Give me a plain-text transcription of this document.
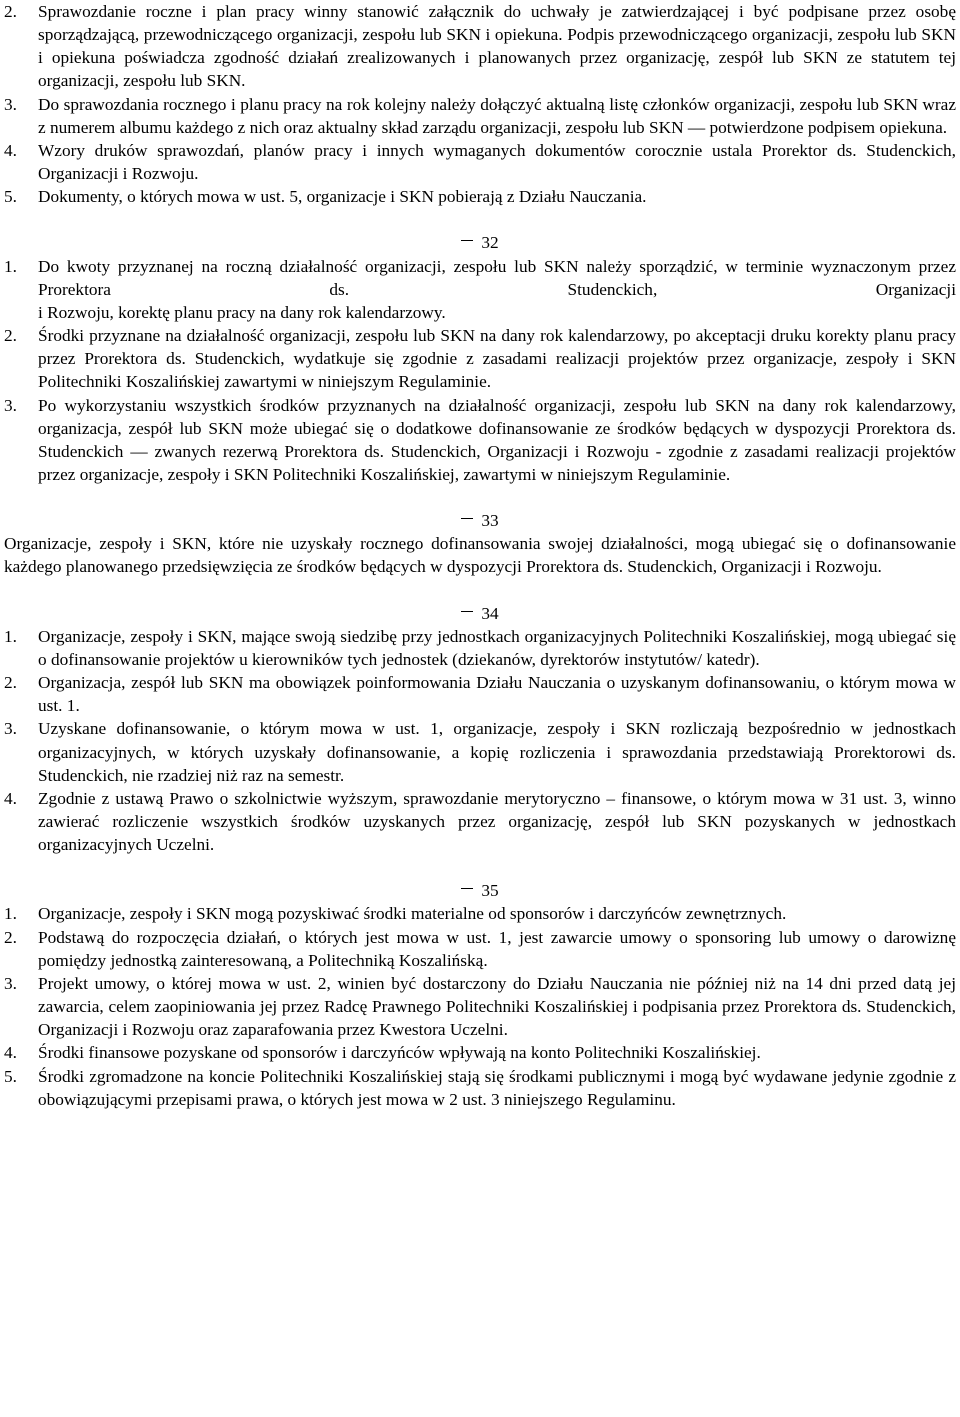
2.	Sprawozdanie roczne i plan pracy winny stanowić załącznik do uchwały je zatwierdzającej i być podpisane przez osobę sporządzającą, przewodniczącego organizacji, zespołu lub SKN i opiekuna. Podpis przewodniczącego organizacji, zespołu lub SKN i opiekuna poświadcza zgodność działań zrealizowanych i planowanych przez organizację, zespół lub SKN ze statutem tej organizacji, zespołu lub SKN.
3.	Do sprawozdania rocznego i planu pracy na rok kolejny należy dołączyć aktualną listę członków organizacji, zespołu lub SKN wraz z numerem albumu każdego z nich oraz aktualny skład zarządu organizacji, zespołu lub SKN — potwierdzone podpisem opiekuna.
4.	Wzory druków sprawozdań, planów pracy i innych wymaganych dokumentów corocznie ustala Prorektor ds. Studenckich, Organizacji i Rozwoju.
5.	Dokumenty, o których mowa w ust. 5, organizacje i SKN pobierają z Działu Nauczania.

32

1.	Do kwoty przyznanej na roczną działalność organizacji, zespołu lub SKN należy sporządzić, w terminie wyznaczonym przez Prorektora ds. Studenckich, Organizacji
i Rozwoju, korektę planu pracy na dany rok kalendarzowy.
2.	Środki przyznane na działalność organizacji, zespołu lub SKN na dany rok kalendarzowy, po akceptacji druku korekty planu pracy przez Prorektora ds. Studenckich, wydatkuje się zgodnie z zasadami realizacji projektów przez organizacje, zespoły i SKN Politechniki Koszalińskiej zawartymi w niniejszym Regulaminie.
3.	Po wykorzystaniu wszystkich środków przyznanych na działalność organizacji, zespołu lub SKN na dany rok kalendarzowy, organizacja, zespół lub SKN może ubiegać się o dodatkowe dofinansowanie ze środków będących w dyspozycji Prorektora ds. Studenckich — zwanych rezerwą Prorektora ds. Studenckich, Organizacji i Rozwoju - zgodnie z zasadami realizacji projektów przez organizacje, zespoły i SKN Politechniki Koszalińskiej, zawartymi w niniejszym Regulaminie.

33

Organizacje, zespoły i SKN, które nie uzyskały rocznego dofinansowania swojej działalności, mogą ubiegać się o dofinansowanie każdego planowanego przedsięwzięcia ze środków będących w dyspozycji Prorektora ds. Studenckich, Organizacji i Rozwoju.

34

1.	Organizacje, zespoły i SKN, mające swoją siedzibę przy jednostkach organizacyjnych Politechniki Koszalińskiej, mogą ubiegać się o dofinansowanie projektów u kierowników tych jednostek (dziekanów, dyrektorów instytutów/ katedr).
2.	Organizacja, zespół lub SKN ma obowiązek poinformowania Działu Nauczania o uzyskanym dofinansowaniu, o którym mowa w ust. 1.
3.	Uzyskane dofinansowanie, o którym mowa w ust. 1, organizacje, zespoły i SKN rozliczają bezpośrednio w jednostkach organizacyjnych, w których uzyskały dofinansowanie, a kopię rozliczenia i sprawozdania przedstawiają Prorektorowi ds. Studenckich, nie rzadziej niż raz na semestr.
4.	Zgodnie z ustawą Prawo o szkolnictwie wyższym, sprawozdanie merytoryczno – finansowe, o którym mowa w 31 ust. 3, winno zawierać rozliczenie wszystkich środków uzyskanych przez organizację, zespół lub SKN pozyskanych w jednostkach organizacyjnych Uczelni.

35

1.	Organizacje, zespoły i SKN mogą pozyskiwać środki materialne od sponsorów i darczyńców zewnętrznych.
2.	Podstawą do rozpoczęcia działań, o których jest mowa w ust. 1, jest zawarcie umowy o sponsoring lub umowy o darowiznę pomiędzy jednostką zainteresowaną, a Politechniką Koszalińską.
3.	Projekt umowy, o której mowa w ust. 2, winien być dostarczony do Działu Nauczania nie później niż na 14 dni przed datą jej zawarcia, celem zaopiniowania jej przez Radcę Prawnego Politechniki Koszalińskiej i podpisania przez Prorektora ds. Studenckich, Organizacji i Rozwoju oraz zaparafowania przez Kwestora Uczelni.
4.	Środki finansowe pozyskane od sponsorów i darczyńców wpływają na konto Politechniki Koszalińskiej.
5.	Środki zgromadzone na koncie Politechniki Koszalińskiej stają się środkami publicznymi i mogą być wydawane jedynie zgodnie z obowiązującymi przepisami prawa, o których jest mowa w 2 ust. 3 niniejszego Regulaminu.
